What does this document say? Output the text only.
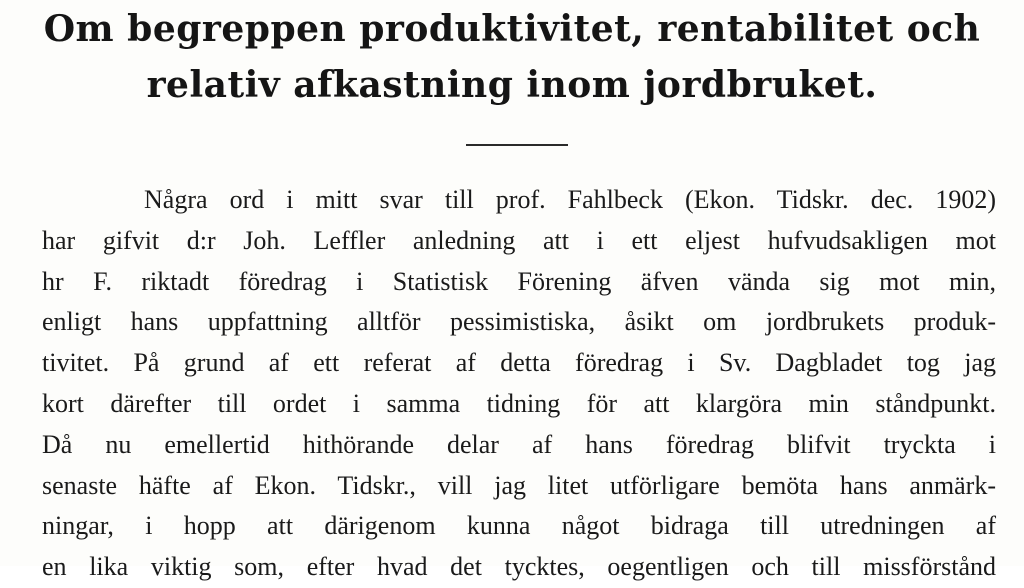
Om begreppen produktivitet, rentabilitet och
relativ afkastning inom jordbruket.
Några ord i mitt svar till prof. Fahlbeck (Ekon. Tidskr. dec. 1902)
har gifvit d:r Joh. Leffler anledning att i ett eljest hufvudsakligen mot
hr F. riktadt föredrag i Statistisk Förening äfven vända sig mot min,
enligt hans uppfattning alltför pessimistiska, åsikt om jordbrukets produk-
tivitet. På grund af ett referat af detta föredrag i Sv. Dagbladet tog jag
kort därefter till ordet i samma tidning för att klargöra min ståndpunkt.
Då nu emellertid hithörande delar af hans föredrag blifvit tryckta i
senaste häfte af Ekon. Tidskr., vill jag litet utförligare bemöta hans anmärk-
ningar, i hopp att därigenom kunna något bidraga till utredningen af
en lika viktig som, efter hvad det tycktes, oegentligen och till missförstånd
